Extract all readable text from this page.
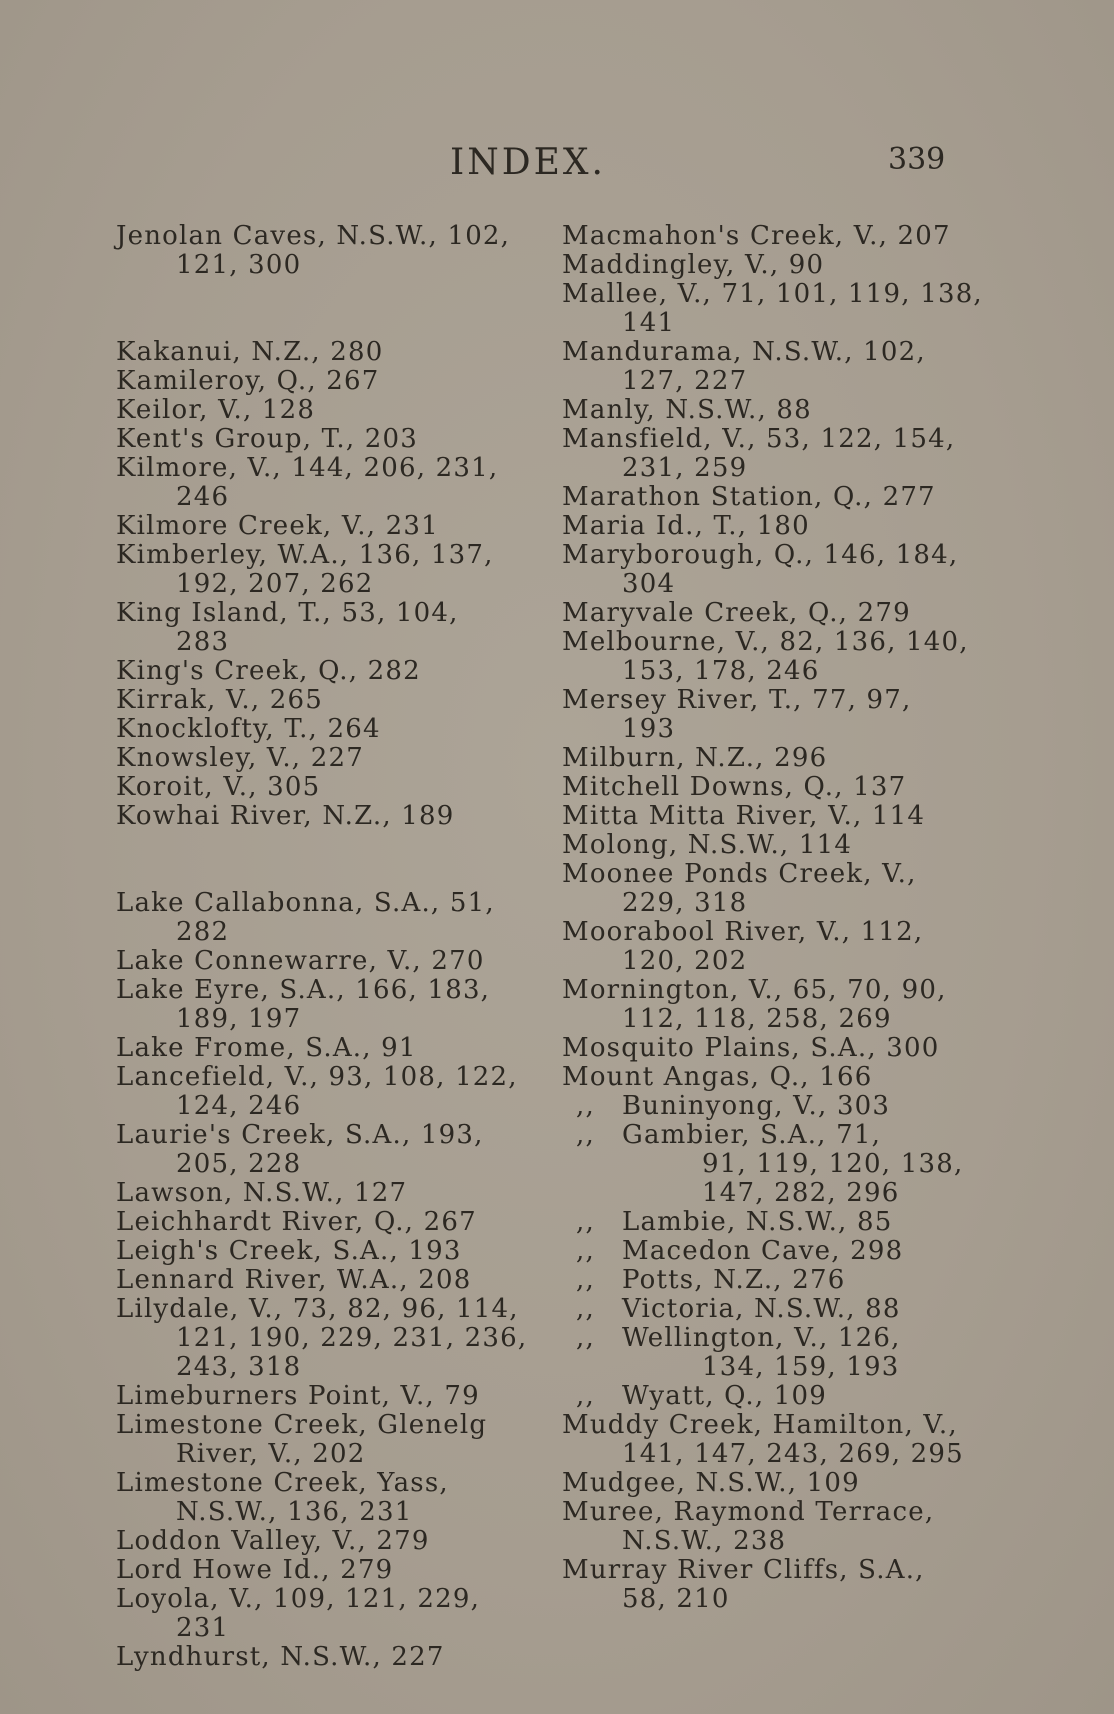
INDEX.	339
Jenolan Caves, N.S.W., 102,
121, 300
Kakanui, N.Z., 280
Kamileroy, Q., 267
Keilor, V., 128
Kent's Group, T., 203
Kilmore, V., 144, 206, 231,
246
Kilmore Creek, V., 231
Kimberley, W.A., 136, 137,
192, 207, 262
King Island, T., 53, 104,
283
King's Creek, Q., 282
Kirrak, V., 265
Knocklofty, T., 264
Knowsley, V., 227
Koroit, V., 305
Kowhai River, N.Z., 189
Lake Callabonna, S.A., 51,
282
Lake Connewarre, V., 270
Lake Eyre, S.A., 166, 183,
189, 197
Lake Frome, S.A., 91
Lancefield, V., 93, 108, 122,
124, 246
Laurie's Creek, S.A., 193,
205, 228
Lawson, N.S.W., 127
Leichhardt River, Q., 267
Leigh's Creek, S.A., 193
Lennard River, W.A., 208
Lilydale, V., 73, 82, 96, 114,
121, 190, 229, 231, 236,
243, 318
Limeburners Point, V., 79
Limestone Creek, Glenelg
River, V., 202
Limestone Creek, Yass,
N.S.W., 136, 231
Loddon Valley, V., 279
Lord Howe Id., 279
Loyola, V., 109, 121, 229,
231
Lyndhurst, N.S.W., 227
Macmahon's Creek, V., 207
Maddingley, V., 90
Mallee, V., 71, 101, 119, 138,
141
Mandurama, N.S.W., 102,
127, 227
Manly, N.S.W., 88
Mansfield, V., 53, 122, 154,
231, 259
Marathon Station, Q., 277
Maria Id., T., 180
Maryborough, Q., 146, 184,
304
Maryvale Creek, Q., 279
Melbourne, V., 82, 136, 140,
153, 178, 246
Mersey River, T., 77, 97,
193
Milburn, N.Z., 296
Mitchell Downs, Q., 137
Mitta Mitta River, V., 114
Molong, N.S.W., 114
Moonee Ponds Creek, V.,
229, 318
Moorabool River, V., 112,
120, 202
Mornington, V., 65, 70, 90,
112, 118, 258, 269
Mosquito Plains, S.A., 300
Mount Angas, Q., 166
,,	Buninyong, V., 303
,,	Gambier, S.A., 71,
91, 119, 120, 138,
147, 282, 296
,,	Lambie, N.S.W., 85
,,	Macedon Cave, 298
,,	Potts, N.Z., 276
,,	Victoria, N.S.W., 88
,,	Wellington, V., 126,
134, 159, 193
,,	Wyatt, Q., 109
Muddy Creek, Hamilton, V.,
141, 147, 243, 269, 295
Mudgee, N.S.W., 109
Muree, Raymond Terrace,
N.S.W., 238
Murray River Cliffs, S.A.,
58, 210
